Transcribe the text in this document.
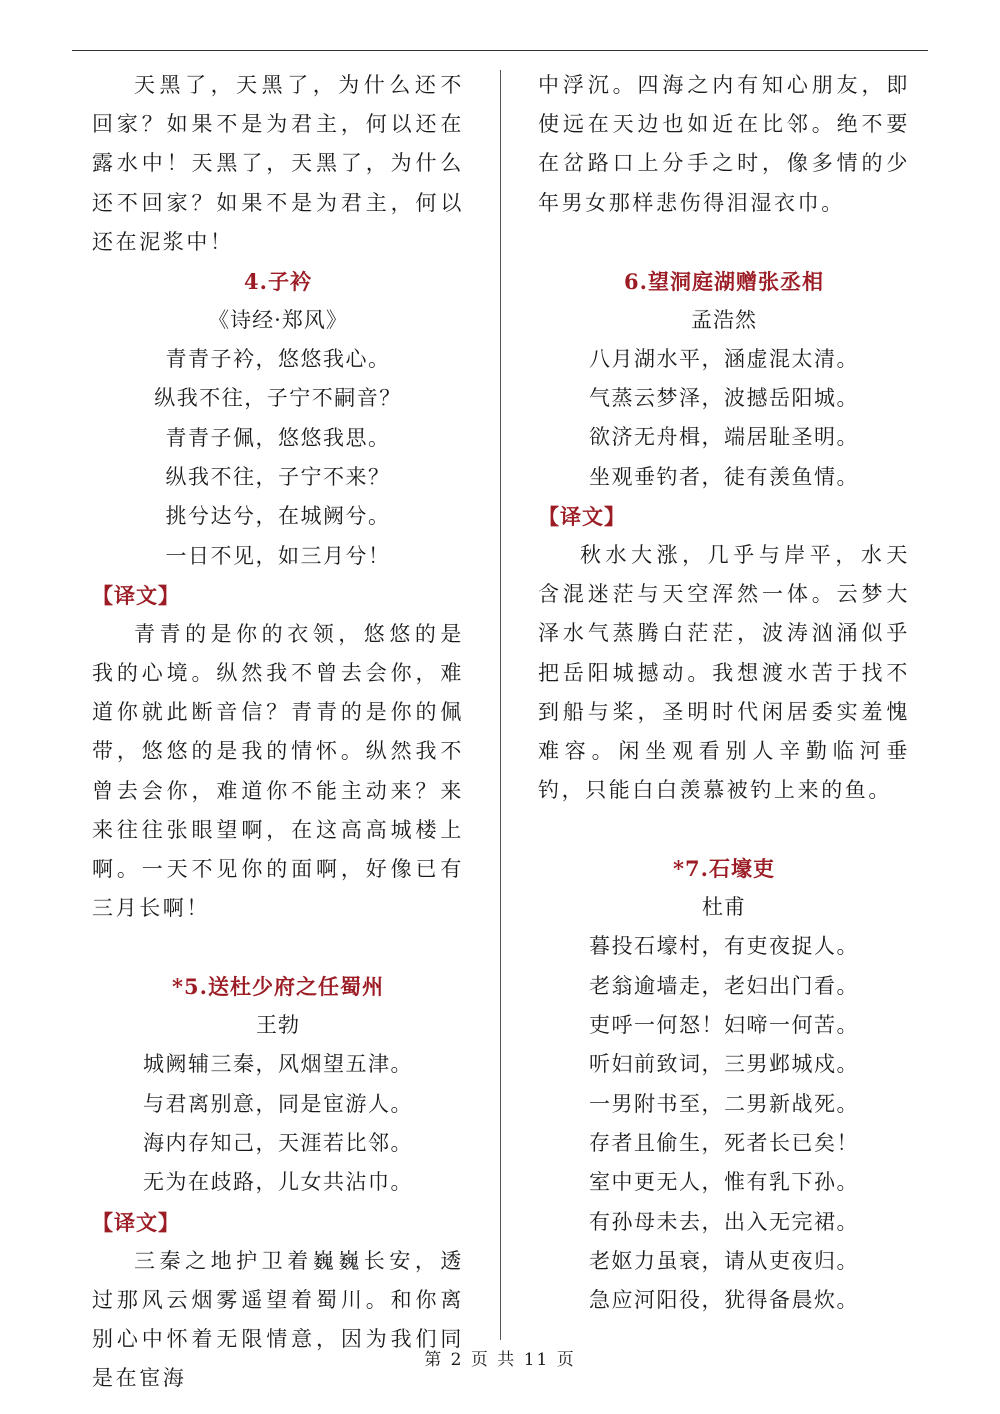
天黑了，天黑了，为什么还不回家？如果不是为君主，何以还在露水中！天黑了，天黑了，为什么还不回家？如果不是为君主，何以还在泥浆中！

4.子衿

《诗经·郑风》

青青子衿，悠悠我心。

纵我不往，子宁不嗣音？

青青子佩，悠悠我思。

纵我不往，子宁不来？

挑兮达兮，在城阙兮。

一日不见，如三月兮！

【译文】

青青的是你的衣领，悠悠的是我的心境。纵然我不曾去会你，难道你就此断音信？青青的是你的佩带，悠悠的是我的情怀。纵然我不曾去会你，难道你不能主动来？来来往往张眼望啊，在这高高城楼上啊。一天不见你的面啊，好像已有三月长啊！

*5.送杜少府之任蜀州

王勃

城阙辅三秦，风烟望五津。

与君离别意，同是宦游人。

海内存知己，天涯若比邻。

无为在歧路，儿女共沾巾。

【译文】

三秦之地护卫着巍巍长安，透过那风云烟雾遥望着蜀川。和你离别心中怀着无限情意，因为我们同是在宦海

中浮沉。四海之内有知心朋友，即使远在天边也如近在比邻。绝不要在岔路口上分手之时，像多情的少年男女那样悲伤得泪湿衣巾。

6.望洞庭湖赠张丞相

孟浩然

八月湖水平，涵虚混太清。

气蒸云梦泽，波撼岳阳城。

欲济无舟楫，端居耻圣明。

坐观垂钓者，徒有羡鱼情。

【译文】

秋水大涨，几乎与岸平，水天含混迷茫与天空浑然一体。云梦大泽水气蒸腾白茫茫，波涛汹涌似乎把岳阳城撼动。我想渡水苦于找不到船与桨，圣明时代闲居委实羞愧难容。闲坐观看别人辛勤临河垂钓，只能白白羡慕被钓上来的鱼。

*7.石壕吏

杜甫

暮投石壕村，有吏夜捉人。

老翁逾墙走，老妇出门看。

吏呼一何怒！妇啼一何苦。

听妇前致词，三男邺城戍。

一男附书至，二男新战死。

存者且偷生，死者长已矣！

室中更无人，惟有乳下孙。

有孙母未去，出入无完裙。

老妪力虽衰，请从吏夜归。

急应河阳役，犹得备晨炊。

第 2 页 共 11 页
